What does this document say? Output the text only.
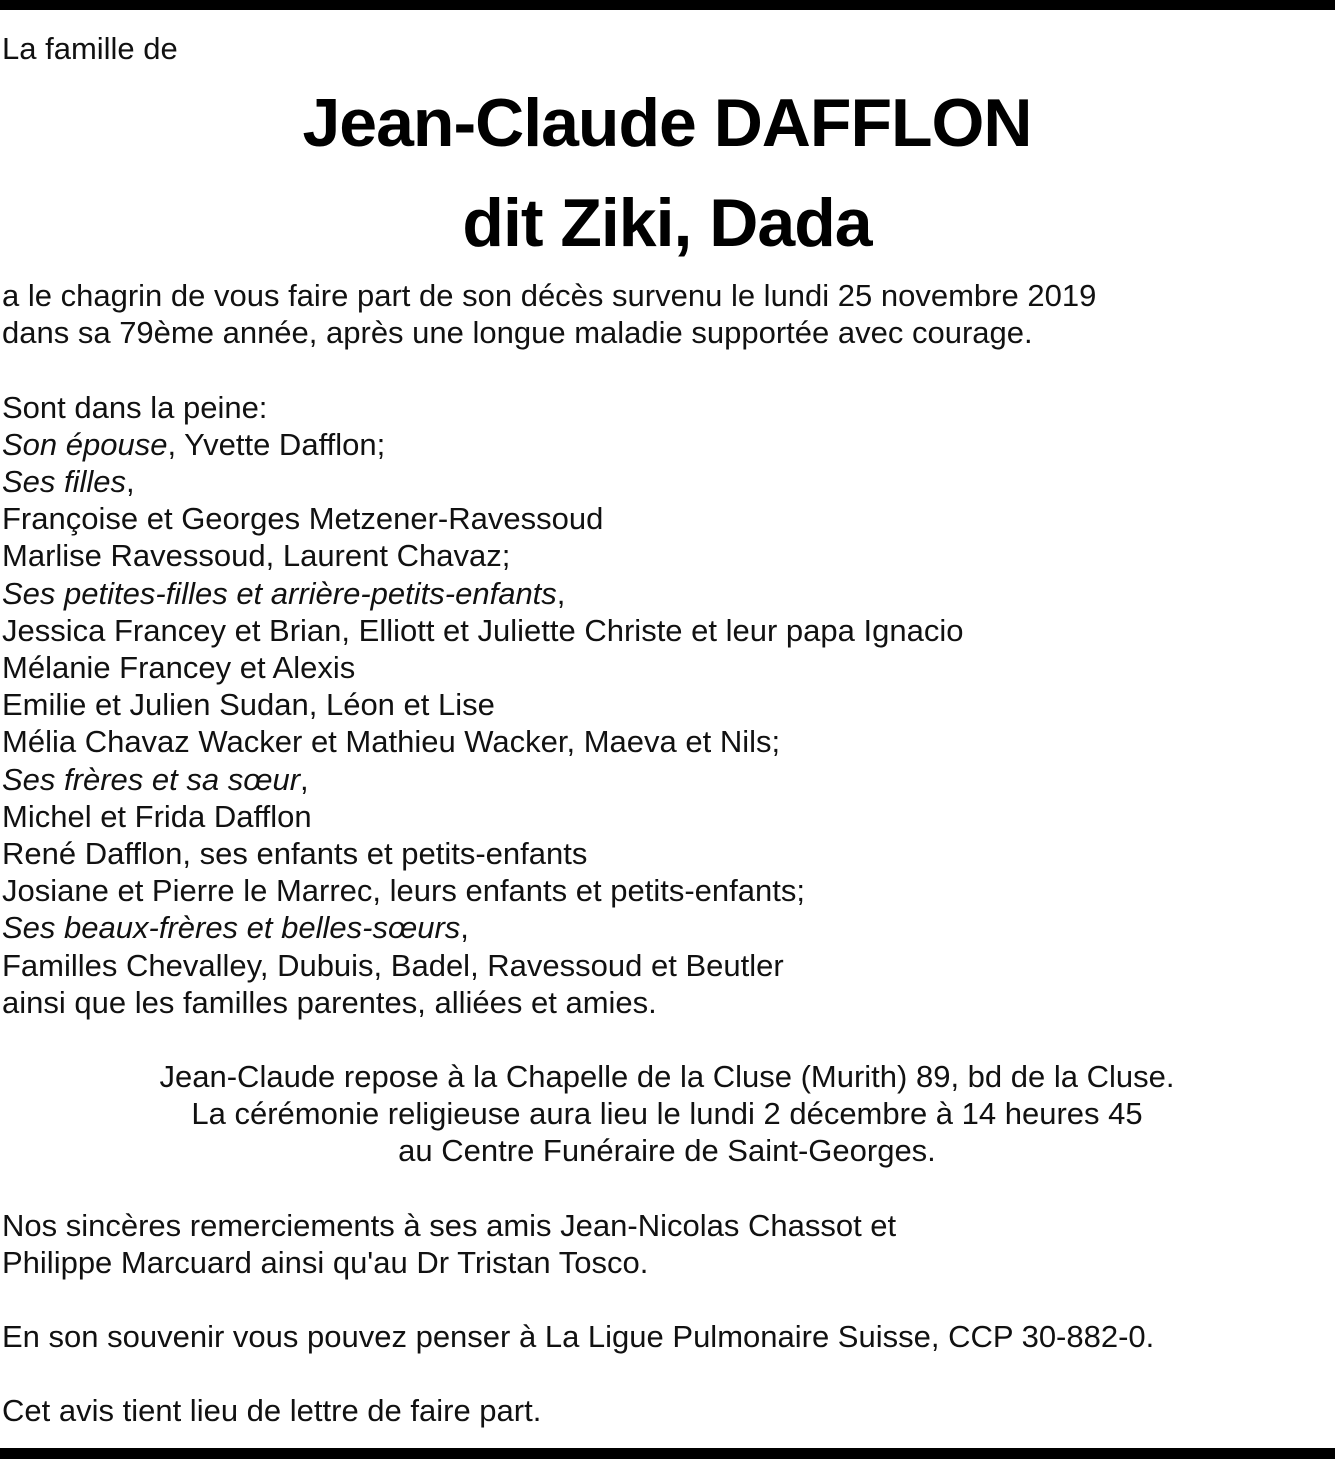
La famille de
Jean-Claude DAFFLON
dit Ziki, Dada
a le chagrin de vous faire part de son décès survenu le lundi 25 novembre 2019
dans sa 79ème année, après une longue maladie supportée avec courage.
Sont dans la peine:
Son épouse, Yvette Dafflon;
Ses filles,
Françoise et Georges Metzener-Ravessoud
Marlise Ravessoud, Laurent Chavaz;
Ses petites-filles et arrière-petits-enfants,
Jessica Francey et Brian, Elliott et Juliette Christe et leur papa Ignacio
Mélanie Francey et Alexis
Emilie et Julien Sudan, Léon et Lise
Mélia Chavaz Wacker et Mathieu Wacker, Maeva et Nils;
Ses frères et sa sœur,
Michel et Frida Dafflon
René Dafflon, ses enfants et petits-enfants
Josiane et Pierre le Marrec, leurs enfants et petits-enfants;
Ses beaux-frères et belles-sœurs,
Familles Chevalley, Dubuis, Badel, Ravessoud et Beutler
ainsi que les familles parentes, alliées et amies.
Jean-Claude repose à la Chapelle de la Cluse (Murith) 89, bd de la Cluse.
La cérémonie religieuse aura lieu le lundi 2 décembre à 14 heures 45
au Centre Funéraire de Saint-Georges.
Nos sincères remerciements à ses amis Jean-Nicolas Chassot et
Philippe Marcuard ainsi qu'au Dr Tristan Tosco.
En son souvenir vous pouvez penser à La Ligue Pulmonaire Suisse, CCP 30-882-0.
Cet avis tient lieu de lettre de faire part.
